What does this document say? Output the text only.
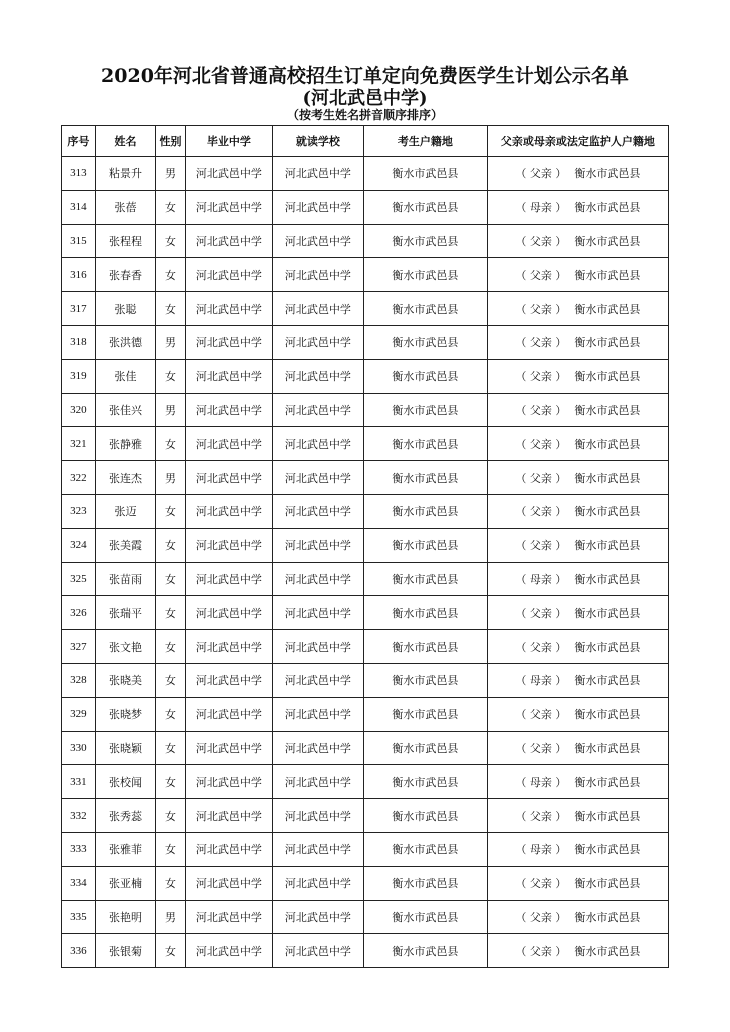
2020年河北省普通高校招生订单定向免费医学生计划公示名单
(河北武邑中学)
（按考生姓名拼音顺序排序）
序号	姓名	性别	毕业中学	就读学校	考生户籍地	父亲或母亲或法定监护人户籍地
313	粘景升	男	河北武邑中学	河北武邑中学	衡水市武邑县	（ 父亲 ） 衡水市武邑县
314	张蓓	女	河北武邑中学	河北武邑中学	衡水市武邑县	（ 母亲 ） 衡水市武邑县
315	张程程	女	河北武邑中学	河北武邑中学	衡水市武邑县	（ 父亲 ） 衡水市武邑县
316	张春香	女	河北武邑中学	河北武邑中学	衡水市武邑县	（ 父亲 ） 衡水市武邑县
317	张聪	女	河北武邑中学	河北武邑中学	衡水市武邑县	（ 父亲 ） 衡水市武邑县
318	张洪德	男	河北武邑中学	河北武邑中学	衡水市武邑县	（ 父亲 ） 衡水市武邑县
319	张佳	女	河北武邑中学	河北武邑中学	衡水市武邑县	（ 父亲 ） 衡水市武邑县
320	张佳兴	男	河北武邑中学	河北武邑中学	衡水市武邑县	（ 父亲 ） 衡水市武邑县
321	张静雅	女	河北武邑中学	河北武邑中学	衡水市武邑县	（ 父亲 ） 衡水市武邑县
322	张连杰	男	河北武邑中学	河北武邑中学	衡水市武邑县	（ 父亲 ） 衡水市武邑县
323	张迈	女	河北武邑中学	河北武邑中学	衡水市武邑县	（ 父亲 ） 衡水市武邑县
324	张美霞	女	河北武邑中学	河北武邑中学	衡水市武邑县	（ 父亲 ） 衡水市武邑县
325	张苗雨	女	河北武邑中学	河北武邑中学	衡水市武邑县	（ 母亲 ） 衡水市武邑县
326	张瑞平	女	河北武邑中学	河北武邑中学	衡水市武邑县	（ 父亲 ） 衡水市武邑县
327	张文艳	女	河北武邑中学	河北武邑中学	衡水市武邑县	（ 父亲 ） 衡水市武邑县
328	张晓美	女	河北武邑中学	河北武邑中学	衡水市武邑县	（ 母亲 ） 衡水市武邑县
329	张晓梦	女	河北武邑中学	河北武邑中学	衡水市武邑县	（ 父亲 ） 衡水市武邑县
330	张晓颖	女	河北武邑中学	河北武邑中学	衡水市武邑县	（ 父亲 ） 衡水市武邑县
331	张校闻	女	河北武邑中学	河北武邑中学	衡水市武邑县	（ 母亲 ） 衡水市武邑县
332	张秀蕊	女	河北武邑中学	河北武邑中学	衡水市武邑县	（ 父亲 ） 衡水市武邑县
333	张雅菲	女	河北武邑中学	河北武邑中学	衡水市武邑县	（ 母亲 ） 衡水市武邑县
334	张亚楠	女	河北武邑中学	河北武邑中学	衡水市武邑县	（ 父亲 ） 衡水市武邑县
335	张艳明	男	河北武邑中学	河北武邑中学	衡水市武邑县	（ 父亲 ） 衡水市武邑县
336	张银菊	女	河北武邑中学	河北武邑中学	衡水市武邑县	（ 父亲 ） 衡水市武邑县
